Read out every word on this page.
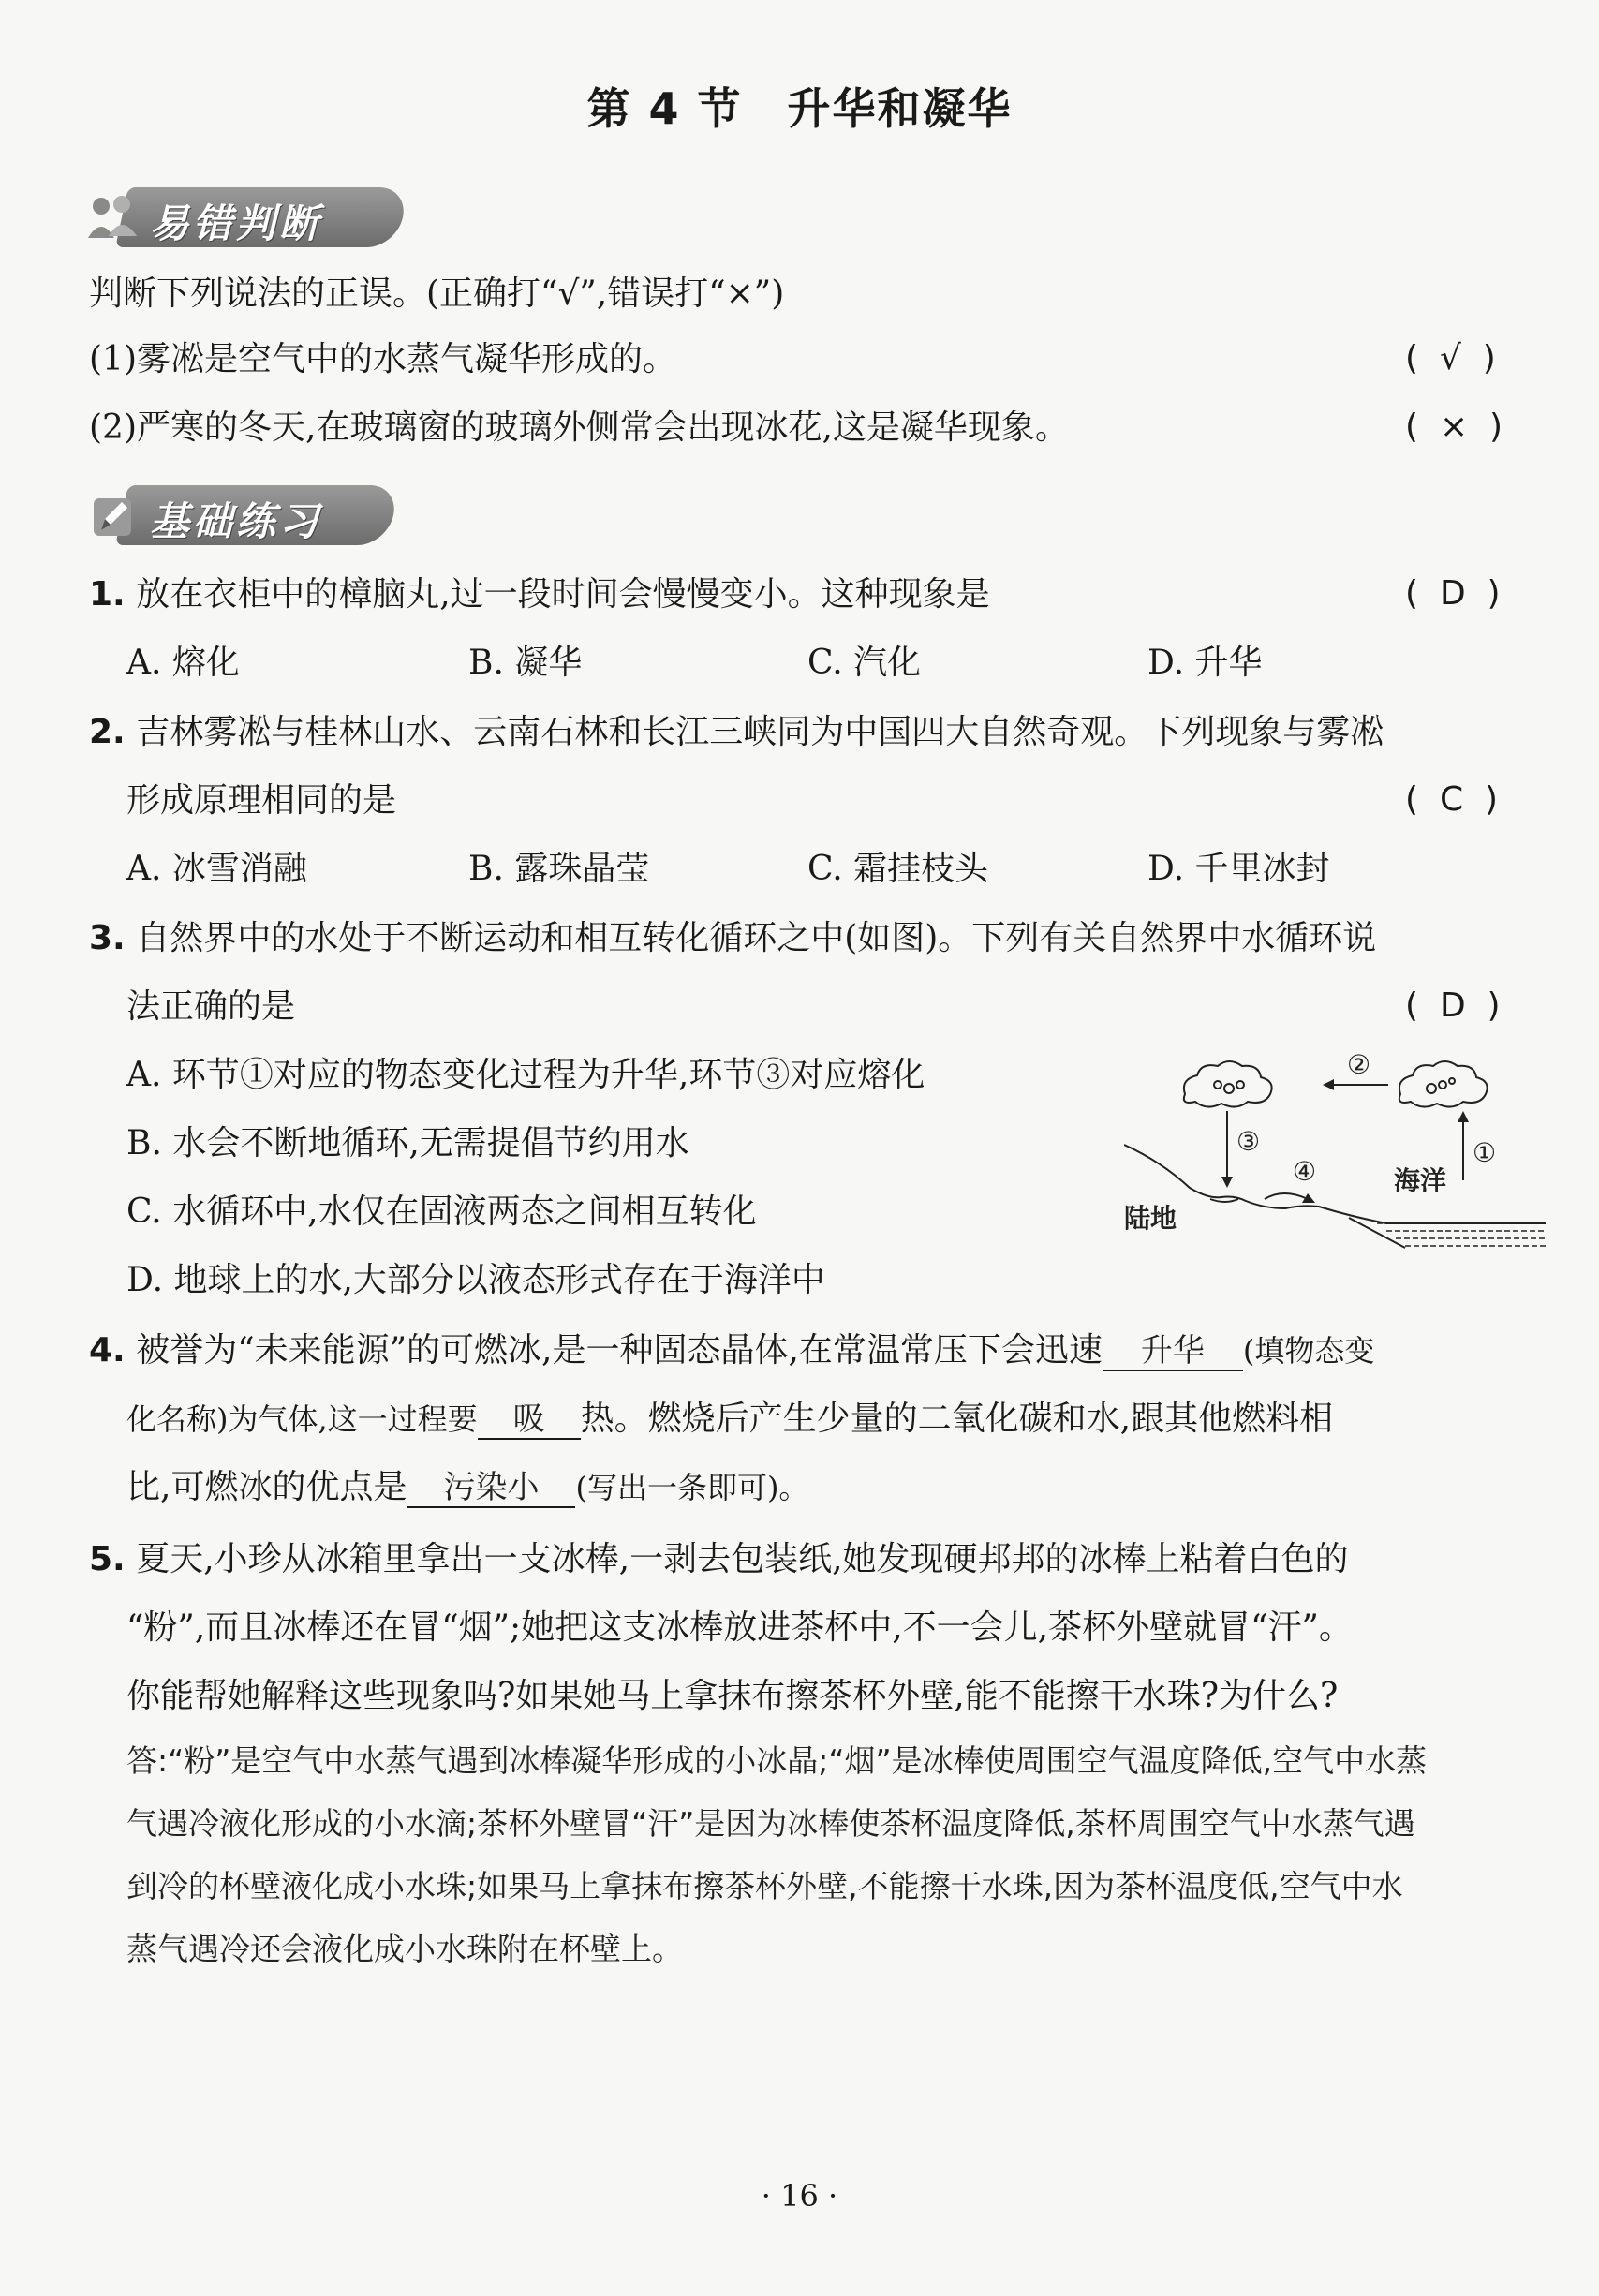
第 4 节　升华和凝华
易错判断
判断下列说法的正误。(正确打“√”,错误打“×”)
(1)雾凇是空气中的水蒸气凝华形成的。	(  √  )
(2)严寒的冬天,在玻璃窗的玻璃外侧常会出现冰花,这是凝华现象。	(  ×  )
基础练习
1. 放在衣柜中的樟脑丸,过一段时间会慢慢变小。这种现象是	(  D  )
A. 熔化	B. 凝华	C. 汽化	D. 升华
2. 吉林雾凇与桂林山水、云南石林和长江三峡同为中国四大自然奇观。下列现象与雾凇
形成原理相同的是	(  C  )
A. 冰雪消融	B. 露珠晶莹	C. 霜挂枝头	D. 千里冰封
3. 自然界中的水处于不断运动和相互转化循环之中(如图)。下列有关自然界中水循环说
法正确的是	(  D  )
A. 环节①对应的物态变化过程为升华,环节③对应熔化
B. 水会不断地循环,无需提倡节约用水
C. 水循环中,水仅在固液两态之间相互转化
D. 地球上的水,大部分以液态形式存在于海洋中
②
③	①
④
陆地
海洋
4. 被誉为“未来能源”的可燃冰,是一种固态晶体,在常温常压下会迅速 升华 (填物态变
化名称)为气体,这一过程要 吸 热。燃烧后产生少量的二氧化碳和水,跟其他燃料相
比,可燃冰的优点是 污染小 (写出一条即可)。
5. 夏天,小珍从冰箱里拿出一支冰棒,一剥去包装纸,她发现硬邦邦的冰棒上粘着白色的
“粉”,而且冰棒还在冒“烟”;她把这支冰棒放进茶杯中,不一会儿,茶杯外壁就冒“汗”。
你能帮她解释这些现象吗?如果她马上拿抹布擦茶杯外壁,能不能擦干水珠?为什么?
答:“粉”是空气中水蒸气遇到冰棒凝华形成的小冰晶;“烟”是冰棒使周围空气温度降低,空气中水蒸
气遇冷液化形成的小水滴;茶杯外壁冒“汗”是因为冰棒使茶杯温度降低,茶杯周围空气中水蒸气遇
到冷的杯壁液化成小水珠;如果马上拿抹布擦茶杯外壁,不能擦干水珠,因为茶杯温度低,空气中水
蒸气遇冷还会液化成小水珠附在杯壁上。
· 16 ·
